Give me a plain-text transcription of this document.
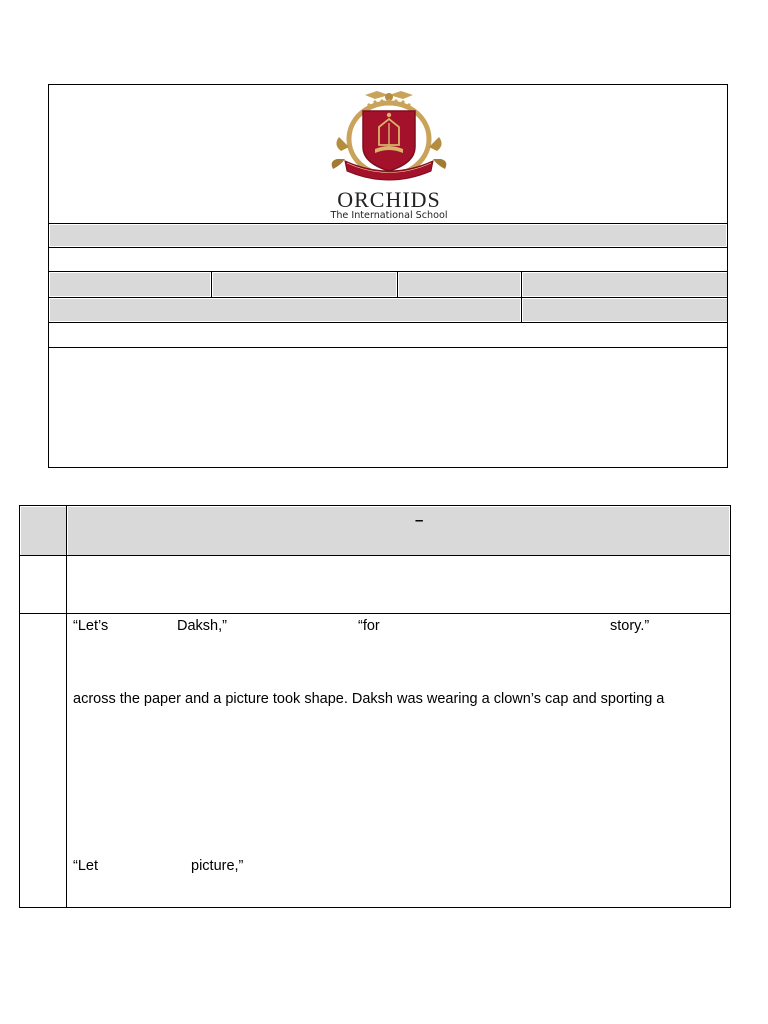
ORCHIDS
The International School
–
“Let’s	Daksh,”	“for	story.”
across the paper and a picture took shape. Daksh was wearing a clown’s cap and sporting a
“Let	picture,”
